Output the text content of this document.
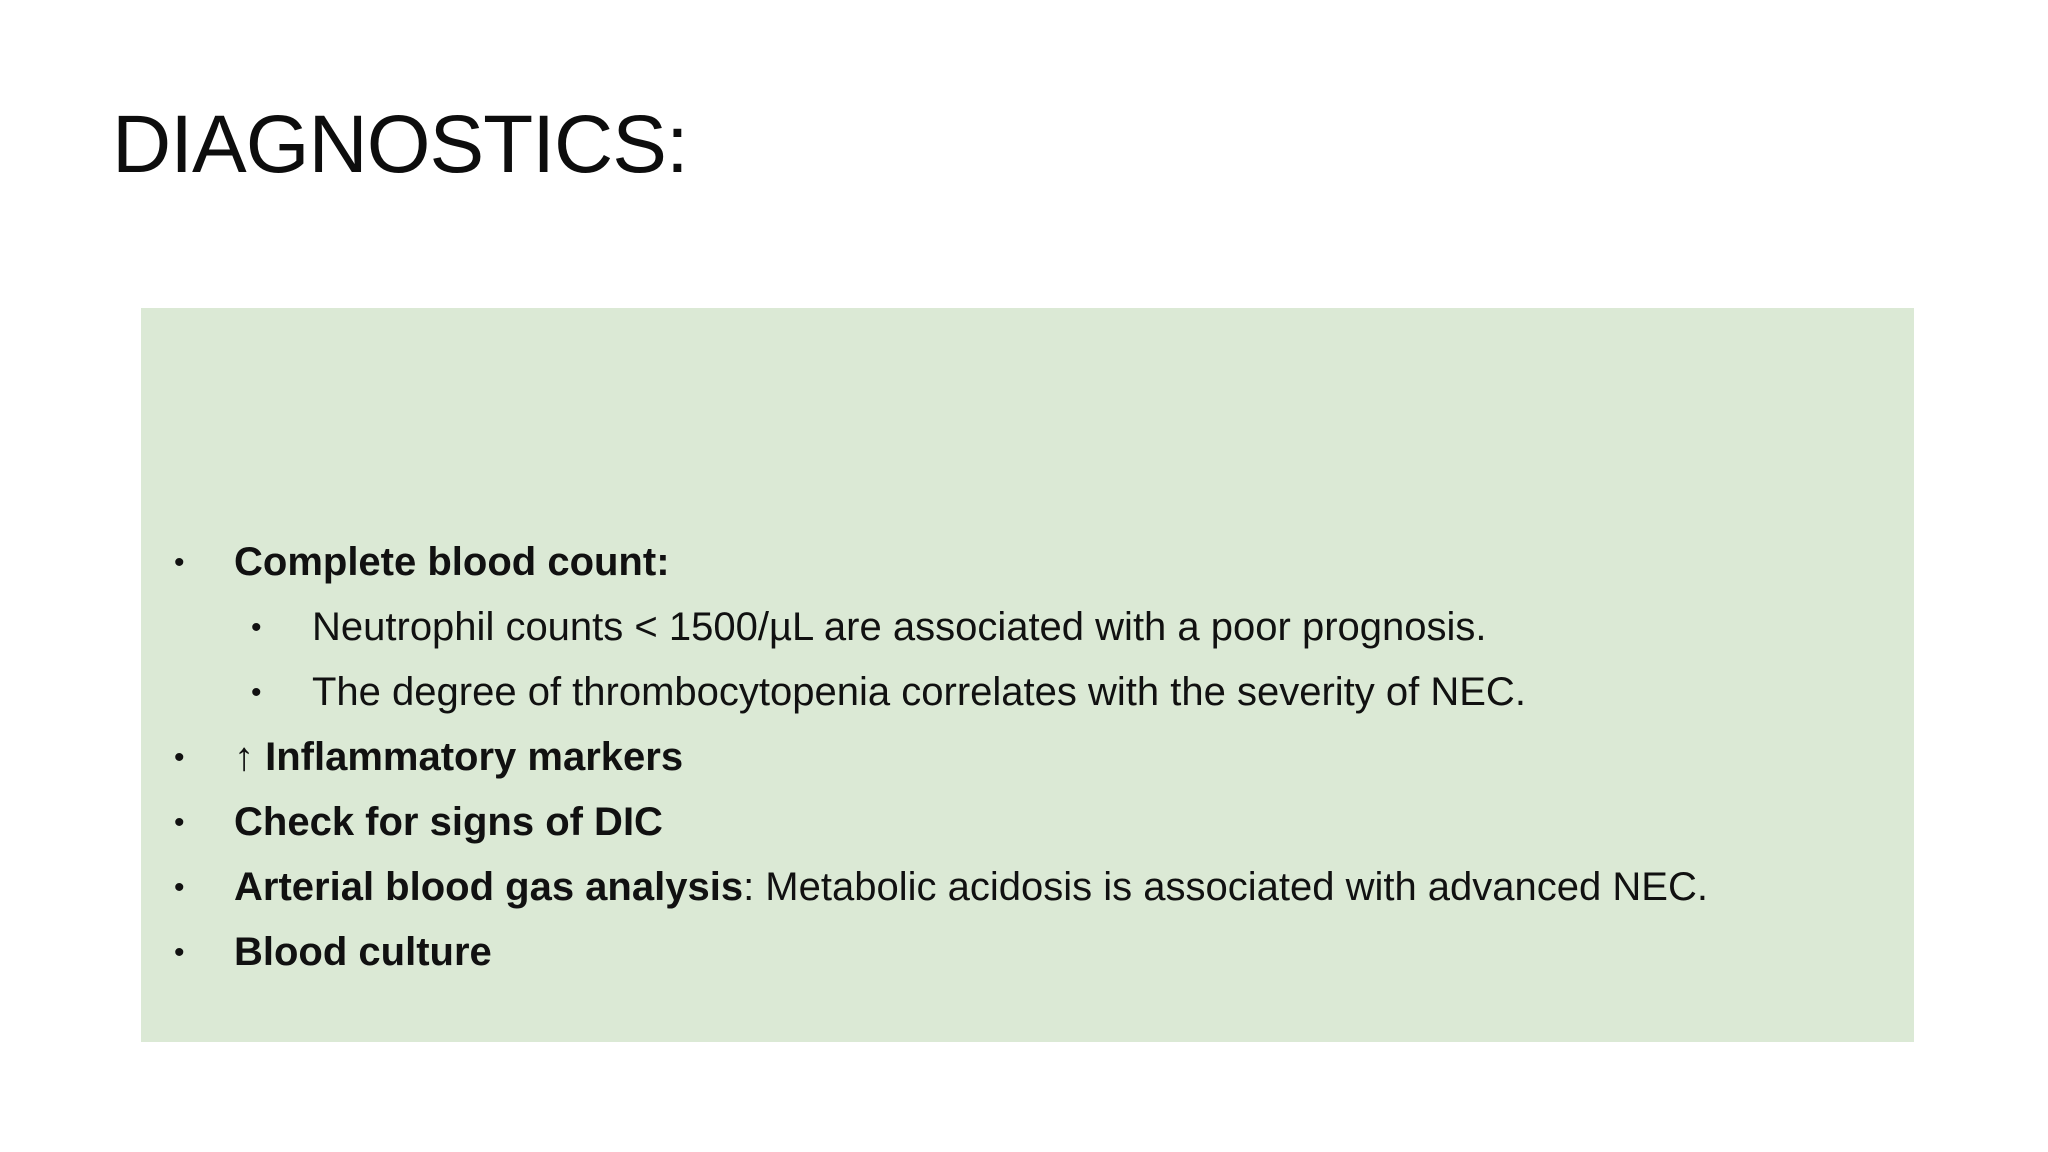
DIAGNOSTICS:
• Complete blood count:
• Neutrophil counts < 1500/µL are associated with a poor prognosis.
• The degree of thrombocytopenia correlates with the severity of NEC.
• ↑ Inflammatory markers
• Check for signs of DIC
• Arterial blood gas analysis: Metabolic acidosis is associated with advanced NEC.
• Blood culture
